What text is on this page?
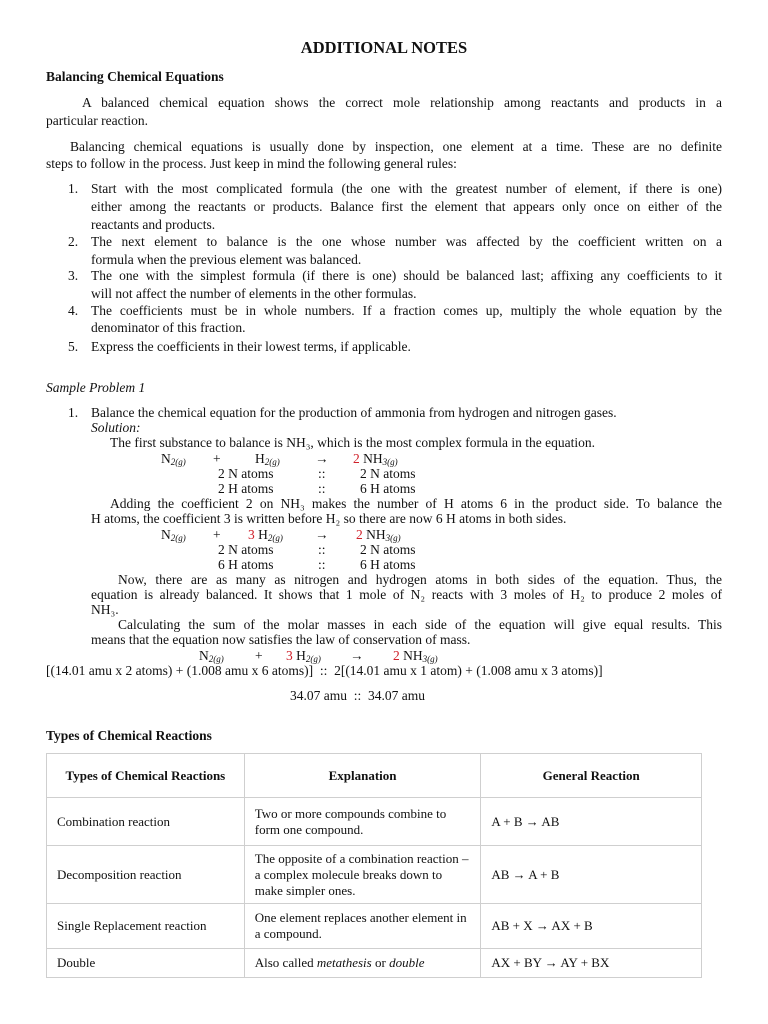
ADDITIONAL NOTES
Balancing Chemical Equations
A balanced chemical equation shows the correct mole relationship among reactants and products in a
particular reaction.
Balancing chemical equations is usually done by inspection, one element at a time. These are no definite
steps to follow in the process. Just keep in mind the following general rules:
1. Start with the most complicated formula (the one with the greatest number of element, if there is one)
either among the reactants or products. Balance first the element that appears only once on either of the
reactants and products.
2. The next element to balance is the one whose number was affected by the coefficient written on a
formula when the previous element was balanced.
3. The one with the simplest formula (if there is one) should be balanced last; affixing any coefficients to it
will not affect the number of elements in the other formulas.
4. The coefficients must be in whole numbers. If a fraction comes up, multiply the whole equation by the
denominator of this fraction.
5. Express the coefficients in their lowest terms, if applicable.
Sample Problem 1
1. Balance the chemical equation for the production of ammonia from hydrogen and nitrogen gases.
Solution:
The first substance to balance is NH₃, which is the most complex formula in the equation.
$N_{2(g)}$ +	$H_{2(g)}$	→ 2 $NH_{3(g)}$
2 N atoms	::	2 N atoms
2 H atoms	::	6 H atoms
Adding the coefficient 2 on NH₃ makes the number of H atoms 6 in the product side. To balance the
H atoms, the coefficient 3 is written before H₂ so there are now 6 H atoms in both sides.
$N_{2(g)} + 3$ $H_{2(g)} \to 2$ $NH_{3(g)}$
2 N atoms	::	2 N atoms
6 H atoms	::	6 H atoms
Now, there are as many as nitrogen and hydrogen atoms in both sides of the equation. Thus, the
equation is already balanced. It shows that 1 mole of N₂ reacts with 3 moles of H₂ to produce 2 moles of
NH₃.
Calculating the sum of the molar masses in each side of the equation will give equal results. This
means that the equation now satisfies the law of conservation of mass.
$N_{2(g)} + 3$ $H_{2(g)} \to 2$ $NH_{3(g)}$
[(14.01 amu x 2 atoms) + (1.008 amu x 6 atoms)]  ::  2[(14.01 amu x 1 atom) + (1.008 amu x 3 atoms)]
34.07 amu  ::  34.07 amu
Types of Chemical Reactions
Types of Chemical Reactions	Explanation	General Reaction
Combination reaction	Two or more compounds combine to form one compound.	A + B → AB
Decomposition reaction	The opposite of a combination reaction – a complex molecule breaks down to make simpler ones.	AB → A + B
Single Replacement reaction	One element replaces another element in a compound.	AB + X → AX + B
Double	Also called metathesis or double	AX + BY → AY + BX
